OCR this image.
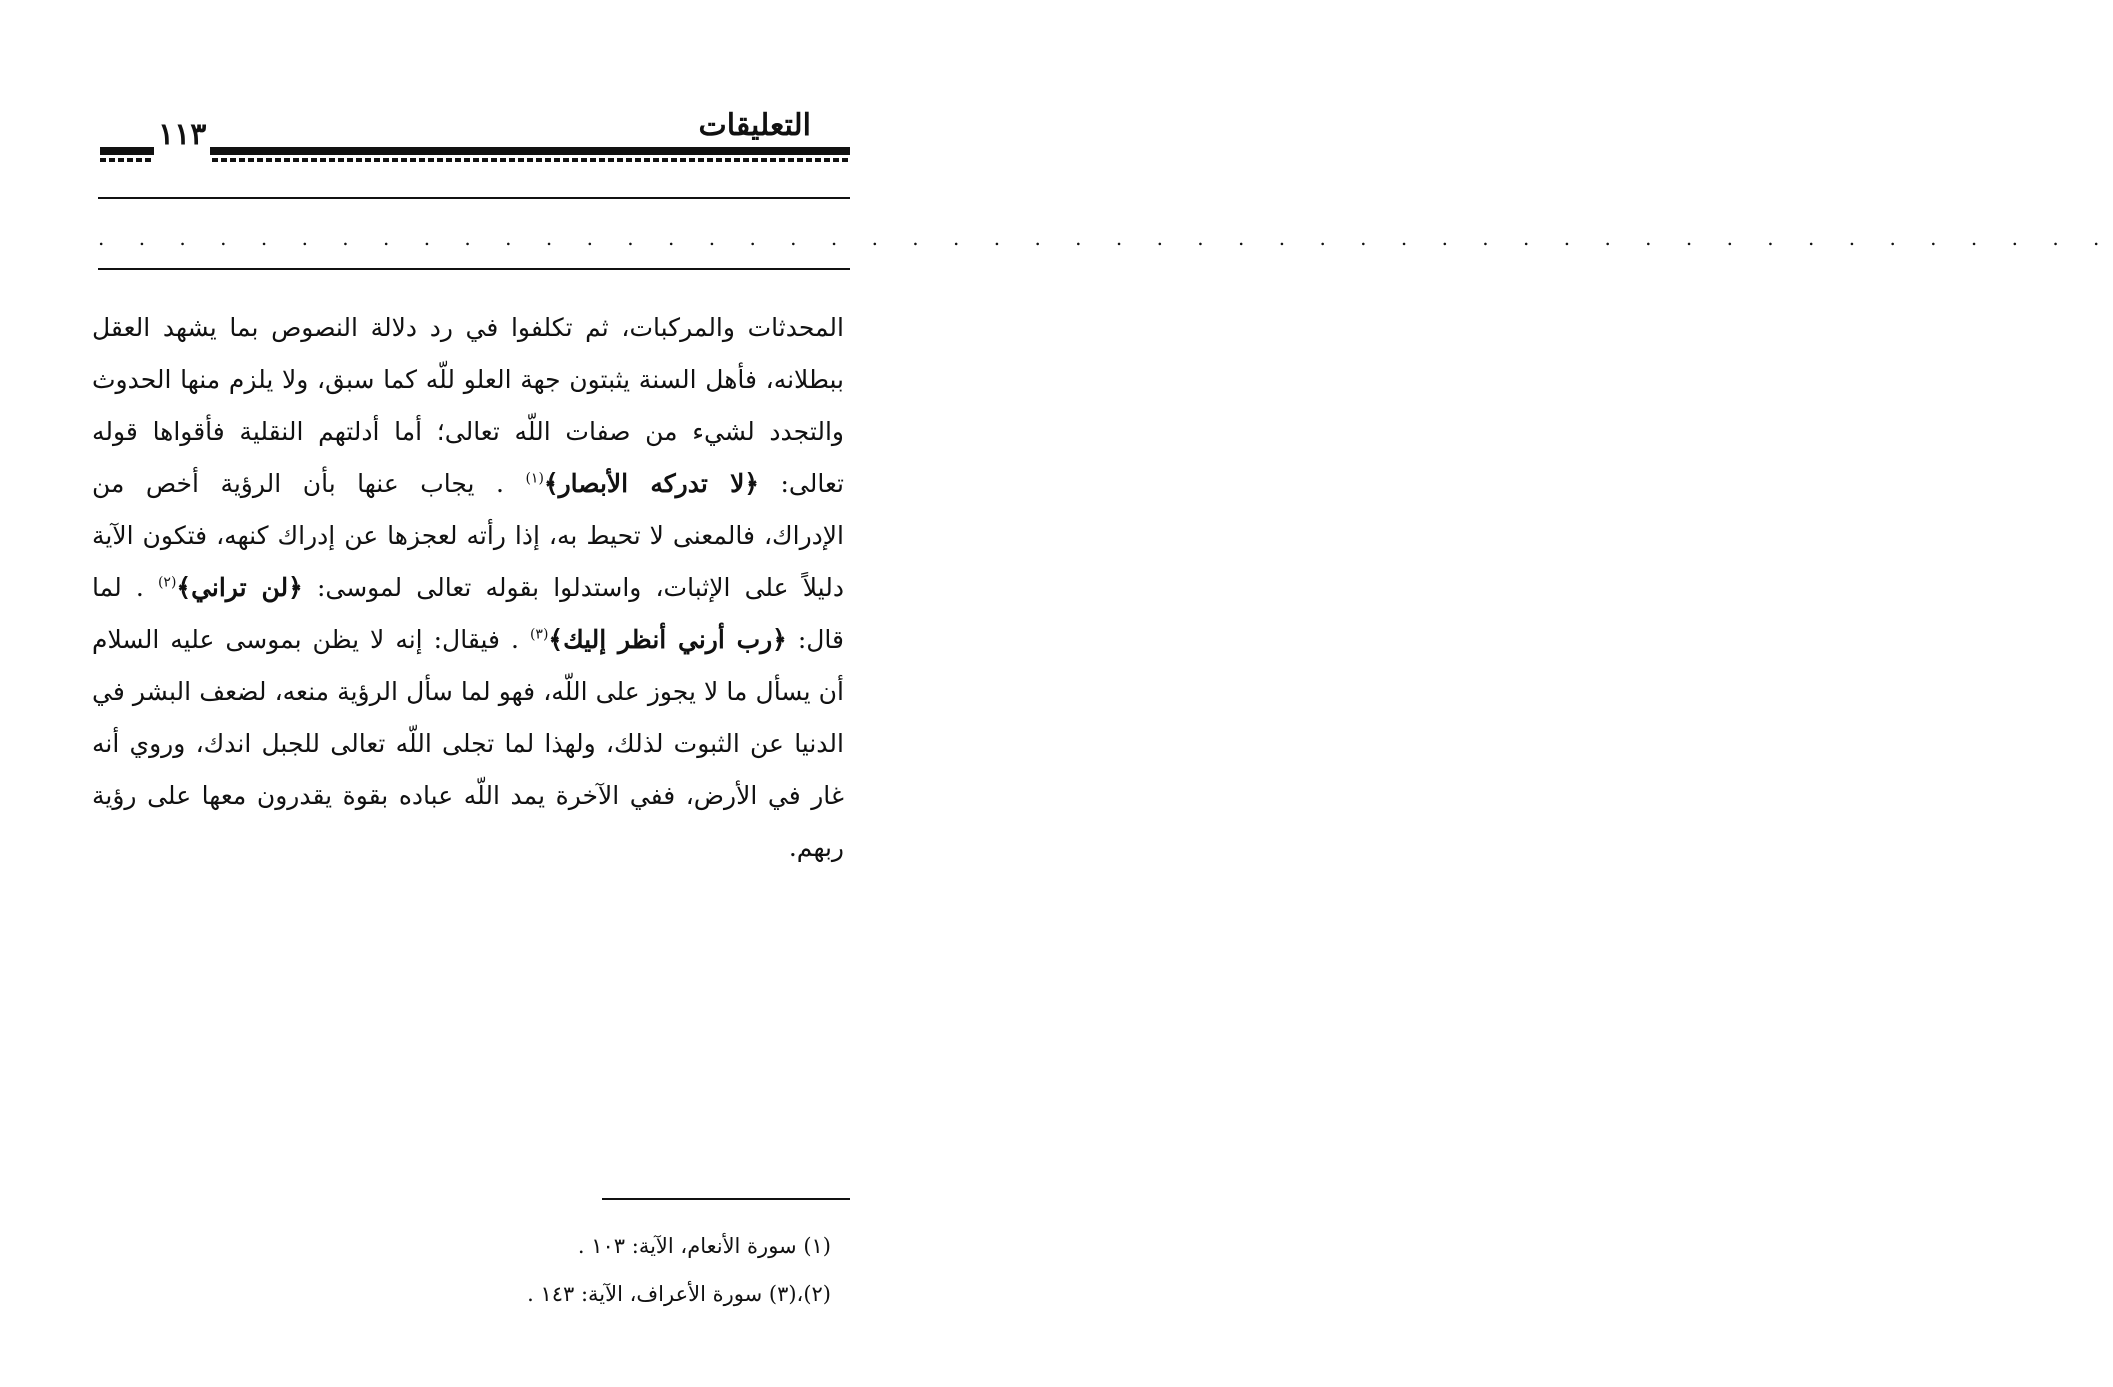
التعليقات
١١٣
. . . . . . . . . . . . . . . . . . . . . . . . . . . . . . . . . . . . . . . . . . . . . . . . . .
المحدثات والمركبات، ثم تكلفوا في رد دلالة النصوص بما يشهد العقل
ببطلانه، فأهل السنة يثبتون جهة العلو للّه كما سبق، ولا يلزم منها الحدوث
والتجدد لشيء من صفات اللّه تعالى؛ أما أدلتهم النقلية فأقواها قوله
تعالى: ﴿لا تدركه الأبصار﴾$^{(١)}$ . يجاب عنها بأن الرؤية أخص من
الإدراك، فالمعنى لا تحيط به، إذا رأته لعجزها عن إدراك كنهه، فتكون الآية
دليلاً على الإثبات، واستدلوا بقوله تعالى لموسى: ﴿لن تراني﴾$^{(٢)}$ . لما
قال: ﴿رب أرني أنظر إليك﴾$^{(٣)}$ . فيقال: إنه لا يظن بموسى عليه السلام
أن يسأل ما لا يجوز على اللّه، فهو لما سأل الرؤية منعه، لضعف البشر في
الدنيا عن الثبوت لذلك، ولهذا لما تجلى اللّه تعالى للجبل اندك، وروي أنه
غار في الأرض، ففي الآخرة يمد اللّه عباده بقوة يقدرون معها على رؤية
ربهم.
(١) سورة الأنعام، الآية: ١٠٣ .
(٢)،(٣) سورة الأعراف، الآية: ١٤٣ .
